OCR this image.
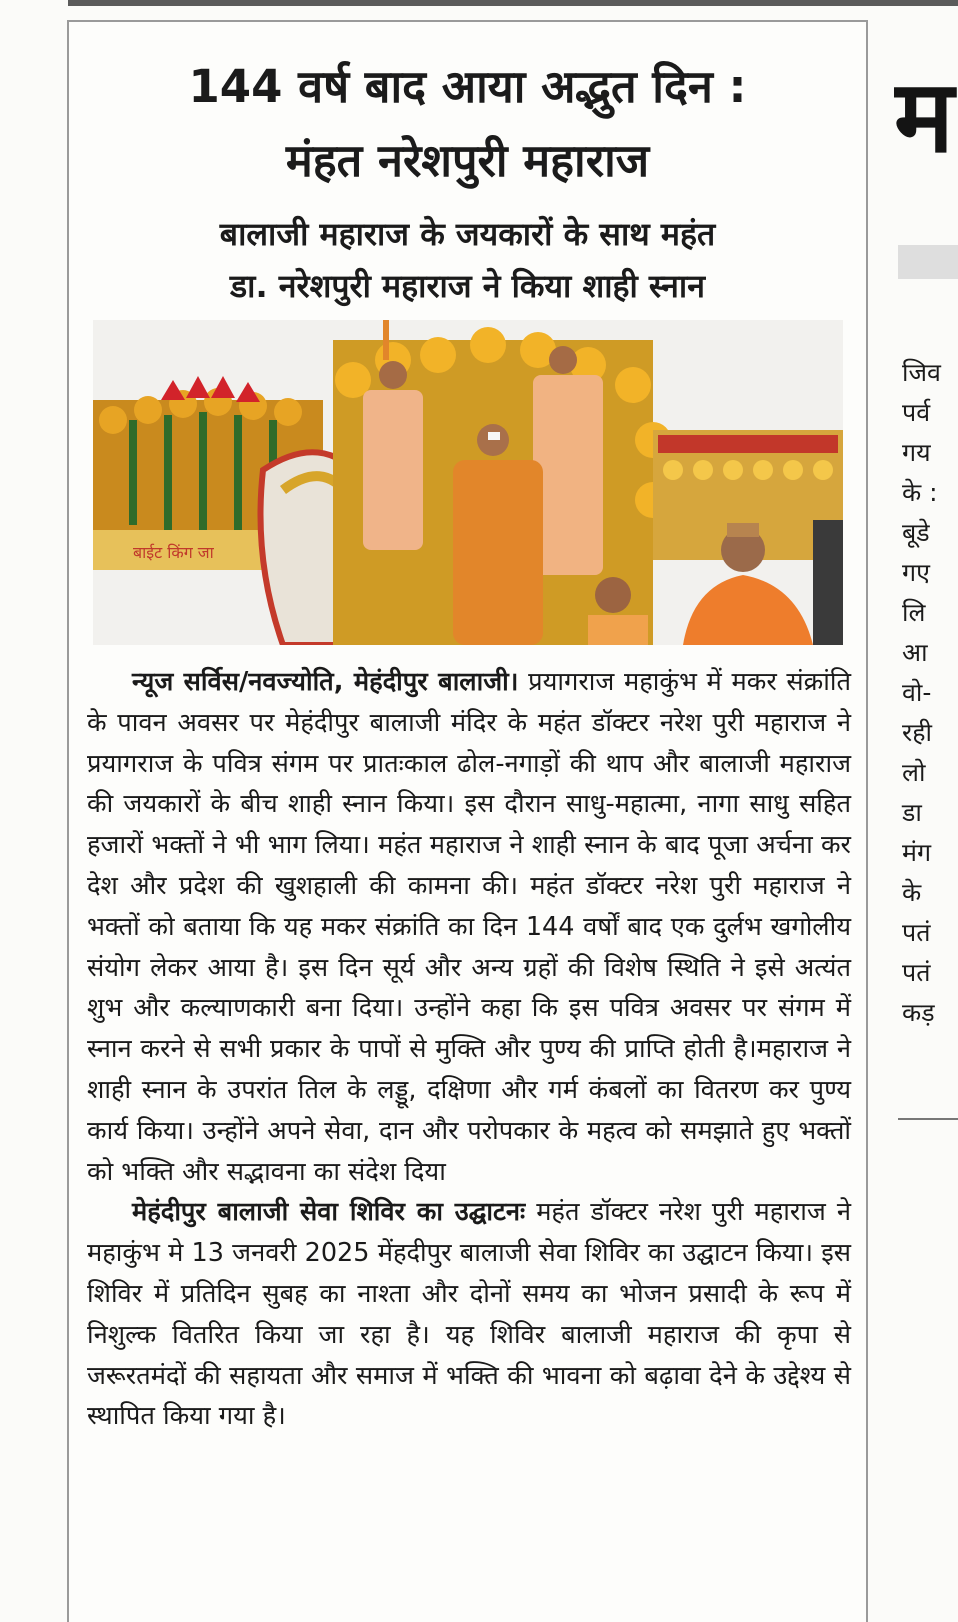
144 वर्ष बाद आया अद्भुत दिन :
मंहत नरेशपुरी महाराज
बालाजी महाराज के जयकारों के साथ महंत
डा. नरेशपुरी महाराज ने किया शाही स्नान
बाईट किंग जा
न्यूज सर्विस/नवज्योति, मेहंदीपुर बालाजी। प्रयागराज महाकुंभ में मकर संक्रांति के पावन अवसर पर मेहंदीपुर बालाजी मंदिर के महंत डॉक्टर नरेश पुरी महाराज ने प्रयागराज के पवित्र संगम पर प्रातःकाल ढोल-नगाड़ों की थाप और बालाजी महाराज की जयकारों के बीच शाही स्नान किया। इस दौरान साधु-महात्मा, नागा साधु सहित हजारों भक्तों ने भी भाग लिया। महंत महाराज ने शाही स्नान के बाद पूजा अर्चना कर देश और प्रदेश की खुशहाली की कामना की। महंत डॉक्टर नरेश पुरी महाराज ने भक्तों को बताया कि यह मकर संक्रांति का दिन 144 वर्षों बाद एक दुर्लभ खगोलीय संयोग लेकर आया है। इस दिन सूर्य और अन्य ग्रहों की विशेष स्थिति ने इसे अत्यंत शुभ और कल्याणकारी बना दिया। उन्होंने कहा कि इस पवित्र अवसर पर संगम में स्नान करने से सभी प्रकार के पापों से मुक्ति और पुण्य की प्राप्ति होती है।महाराज ने शाही स्नान के उपरांत तिल के लड्डू, दक्षिणा और गर्म कंबलों का वितरण कर पुण्य कार्य किया। उन्होंने अपने सेवा, दान और परोपकार के महत्व को समझाते हुए भक्तों को भक्ति और सद्भावना का संदेश दिया
मेहंदीपुर बालाजी सेवा शिविर का उद्घाटनः महंत डॉक्टर नरेश पुरी महाराज ने महाकुंभ मे 13 जनवरी 2025 मेंहदीपुर बालाजी सेवा शिविर का उद्घाटन किया। इस शिविर में प्रतिदिन सुबह का नाश्ता और दोनों समय का भोजन प्रसादी के रूप में निशुल्क वितरित किया जा रहा है। यह शिविर बालाजी महाराज की कृपा से जरूरतमंदों की सहायता और समाज में भक्ति की भावना को बढ़ावा देने के उद्देश्य से स्थापित किया गया है।
म
जिव
पर्व
गय
के :
बूडे
गए
लि
आ
वो-
रही
लो
डा
मंग
के
पतं
पतं
कड़
